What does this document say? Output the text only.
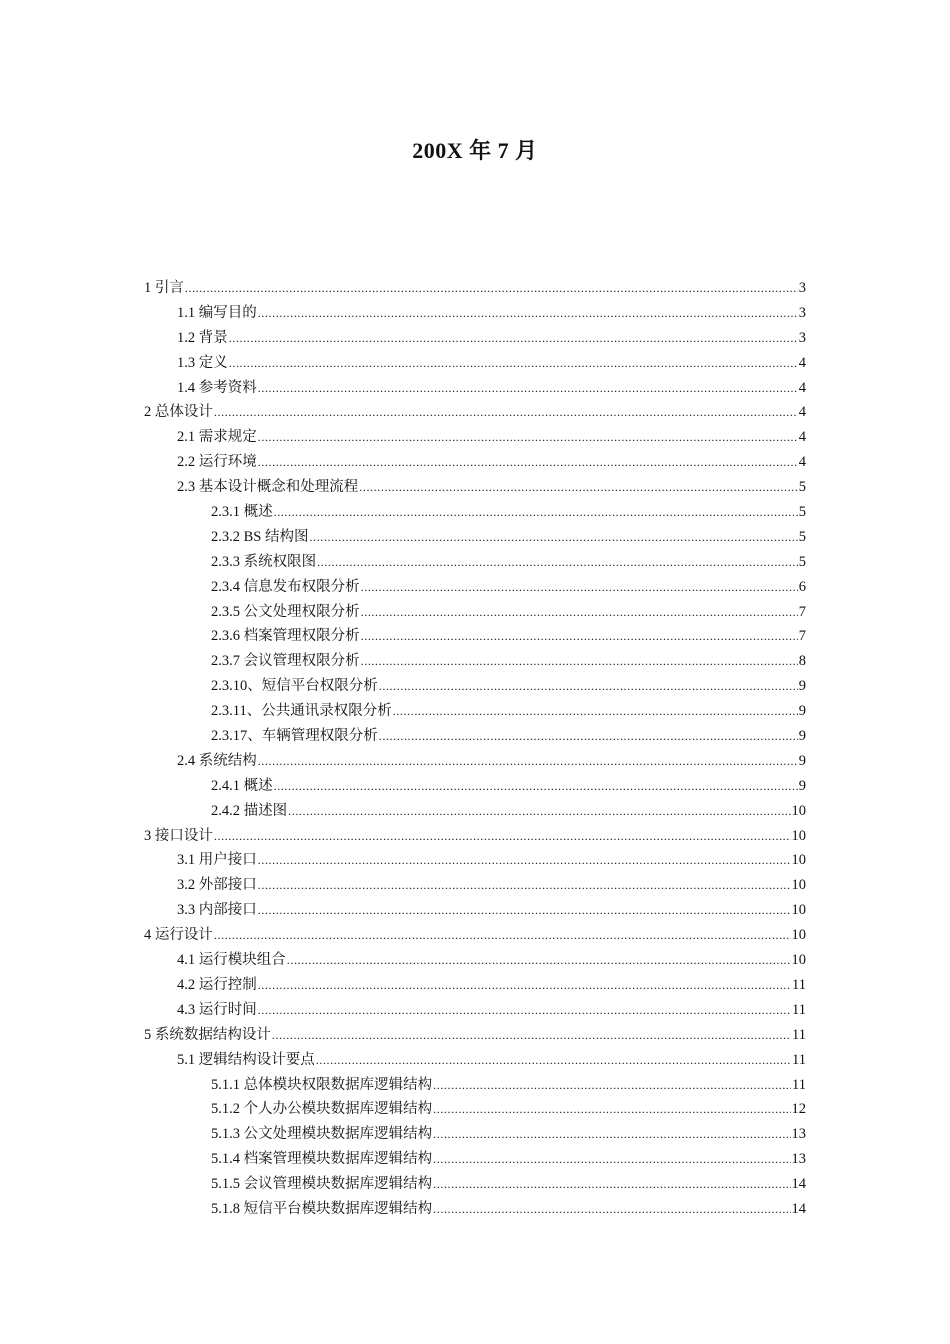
200X 年 7 月
1 引言 .....	3
1.1 编写目的 .....	3
1.2 背景 .....	3
1.3 定义 .....	4
1.4 参考资料 .....	4
2 总体设计 .....	4
2.1 需求规定 .....	4
2.2 运行环境 .....	4
2.3 基本设计概念和处理流程 .....	5
2.3.1 概述 .....	5
2.3.2 BS 结构图 .....	5
2.3.3 系统权限图 .....	5
2.3.4 信息发布权限分析 .....	6
2.3.5 公文处理权限分析 .....	7
2.3.6 档案管理权限分析 .....	7
2.3.7 会议管理权限分析 .....	8
2.3.10、短信平台权限分析 .....	9
2.3.11、公共通讯录权限分析 .....	9
2.3.17、车辆管理权限分析 .....	9
2.4 系统结构 .....	9
2.4.1 概述 .....	9
2.4.2 描述图 .....	10
3 接口设计 .....	10
3.1 用户接口 .....	10
3.2 外部接口 .....	10
3.3 内部接口 .....	10
4 运行设计 .....	10
4.1 运行模块组合 .....	10
4.2 运行控制 .....	11
4.3 运行时间 .....	11
5 系统数据结构设计 .....	11
5.1 逻辑结构设计要点 .....	11
5.1.1 总体模块权限数据库逻辑结构 .....	11
5.1.2 个人办公模块数据库逻辑结构 .....	12
5.1.3 公文处理模块数据库逻辑结构 .....	13
5.1.4 档案管理模块数据库逻辑结构 .....	13
5.1.5 会议管理模块数据库逻辑结构 .....	14
5.1.8 短信平台模块数据库逻辑结构 .....	14
